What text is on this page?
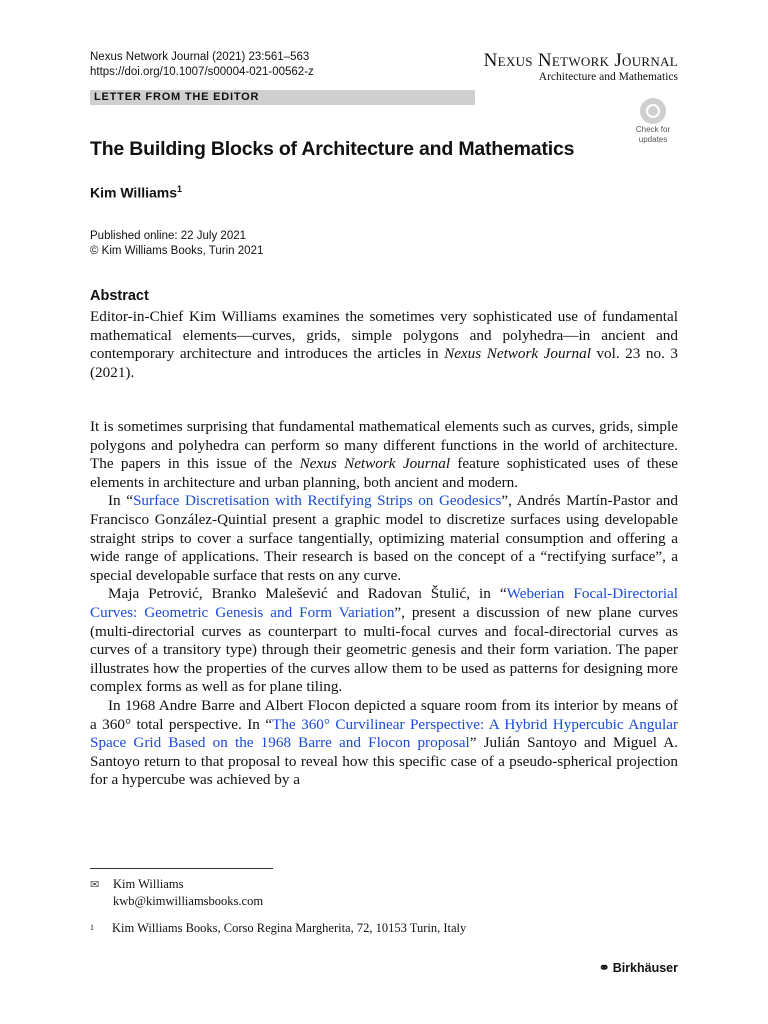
Nexus Network Journal (2021) 23:561–563
https://doi.org/10.1007/s00004-021-00562-z
Nexus Network Journal
Architecture and Mathematics
LETTER FROM THE EDITOR
Check for
updates
The Building Blocks of Architecture and Mathematics
Kim Williams$^1$
Published online: 22 July 2021
© Kim Williams Books, Turin 2021
Abstract
Editor-in-Chief Kim Williams examines the sometimes very sophisticated use of fundamental mathematical elements—curves, grids, simple polygons and polyhedra—in ancient and contemporary architecture and introduces the articles in Nexus Network Journal vol. 23 no. 3 (2021).

It is sometimes surprising that fundamental mathematical elements such as curves, grids, simple polygons and polyhedra can perform so many different functions in the world of architecture. The papers in this issue of the Nexus Network Journal feature sophisticated uses of these elements in architecture and urban planning, both ancient and modern.

In “Surface Discretisation with Rectifying Strips on Geodesics”, Andrés Martín-Pastor and Francisco González-Quintial present a graphic model to discretize surfaces using developable straight strips to cover a surface tangentially, optimizing material consumption and offering a wide range of applications. Their research is based on the concept of a “rectifying surface”, a special developable surface that rests on any curve.

Maja Petrović, Branko Malešević and Radovan Štulić, in “Weberian Focal-Directorial Curves: Geometric Genesis and Form Variation”, present a discussion of new plane curves (multi-directorial curves as counterpart to multi-focal curves and focal-directorial curves as curves of a transitory type) through their geometric genesis and their form variation. The paper illustrates how the properties of the curves allow them to be used as patterns for designing more complex forms as well as for plane tiling.

In 1968 Andre Barre and Albert Flocon depicted a square room from its interior by means of a 360° total perspective. In “The 360° Curvilinear Perspective: A Hybrid Hypercubic Angular Space Grid Based on the 1968 Barre and Flocon proposal” Julián Santoyo and Miguel A. Santoyo return to that proposal to reveal how this specific case of a pseudo-spherical projection for a hypercube was achieved by a

✉ Kim Williams
kwb@kimwilliamsbooks.com
$^1$ Kim Williams Books, Corso Regina Margherita, 72, 10153 Turin, Italy
⚭ Birkhäuser
